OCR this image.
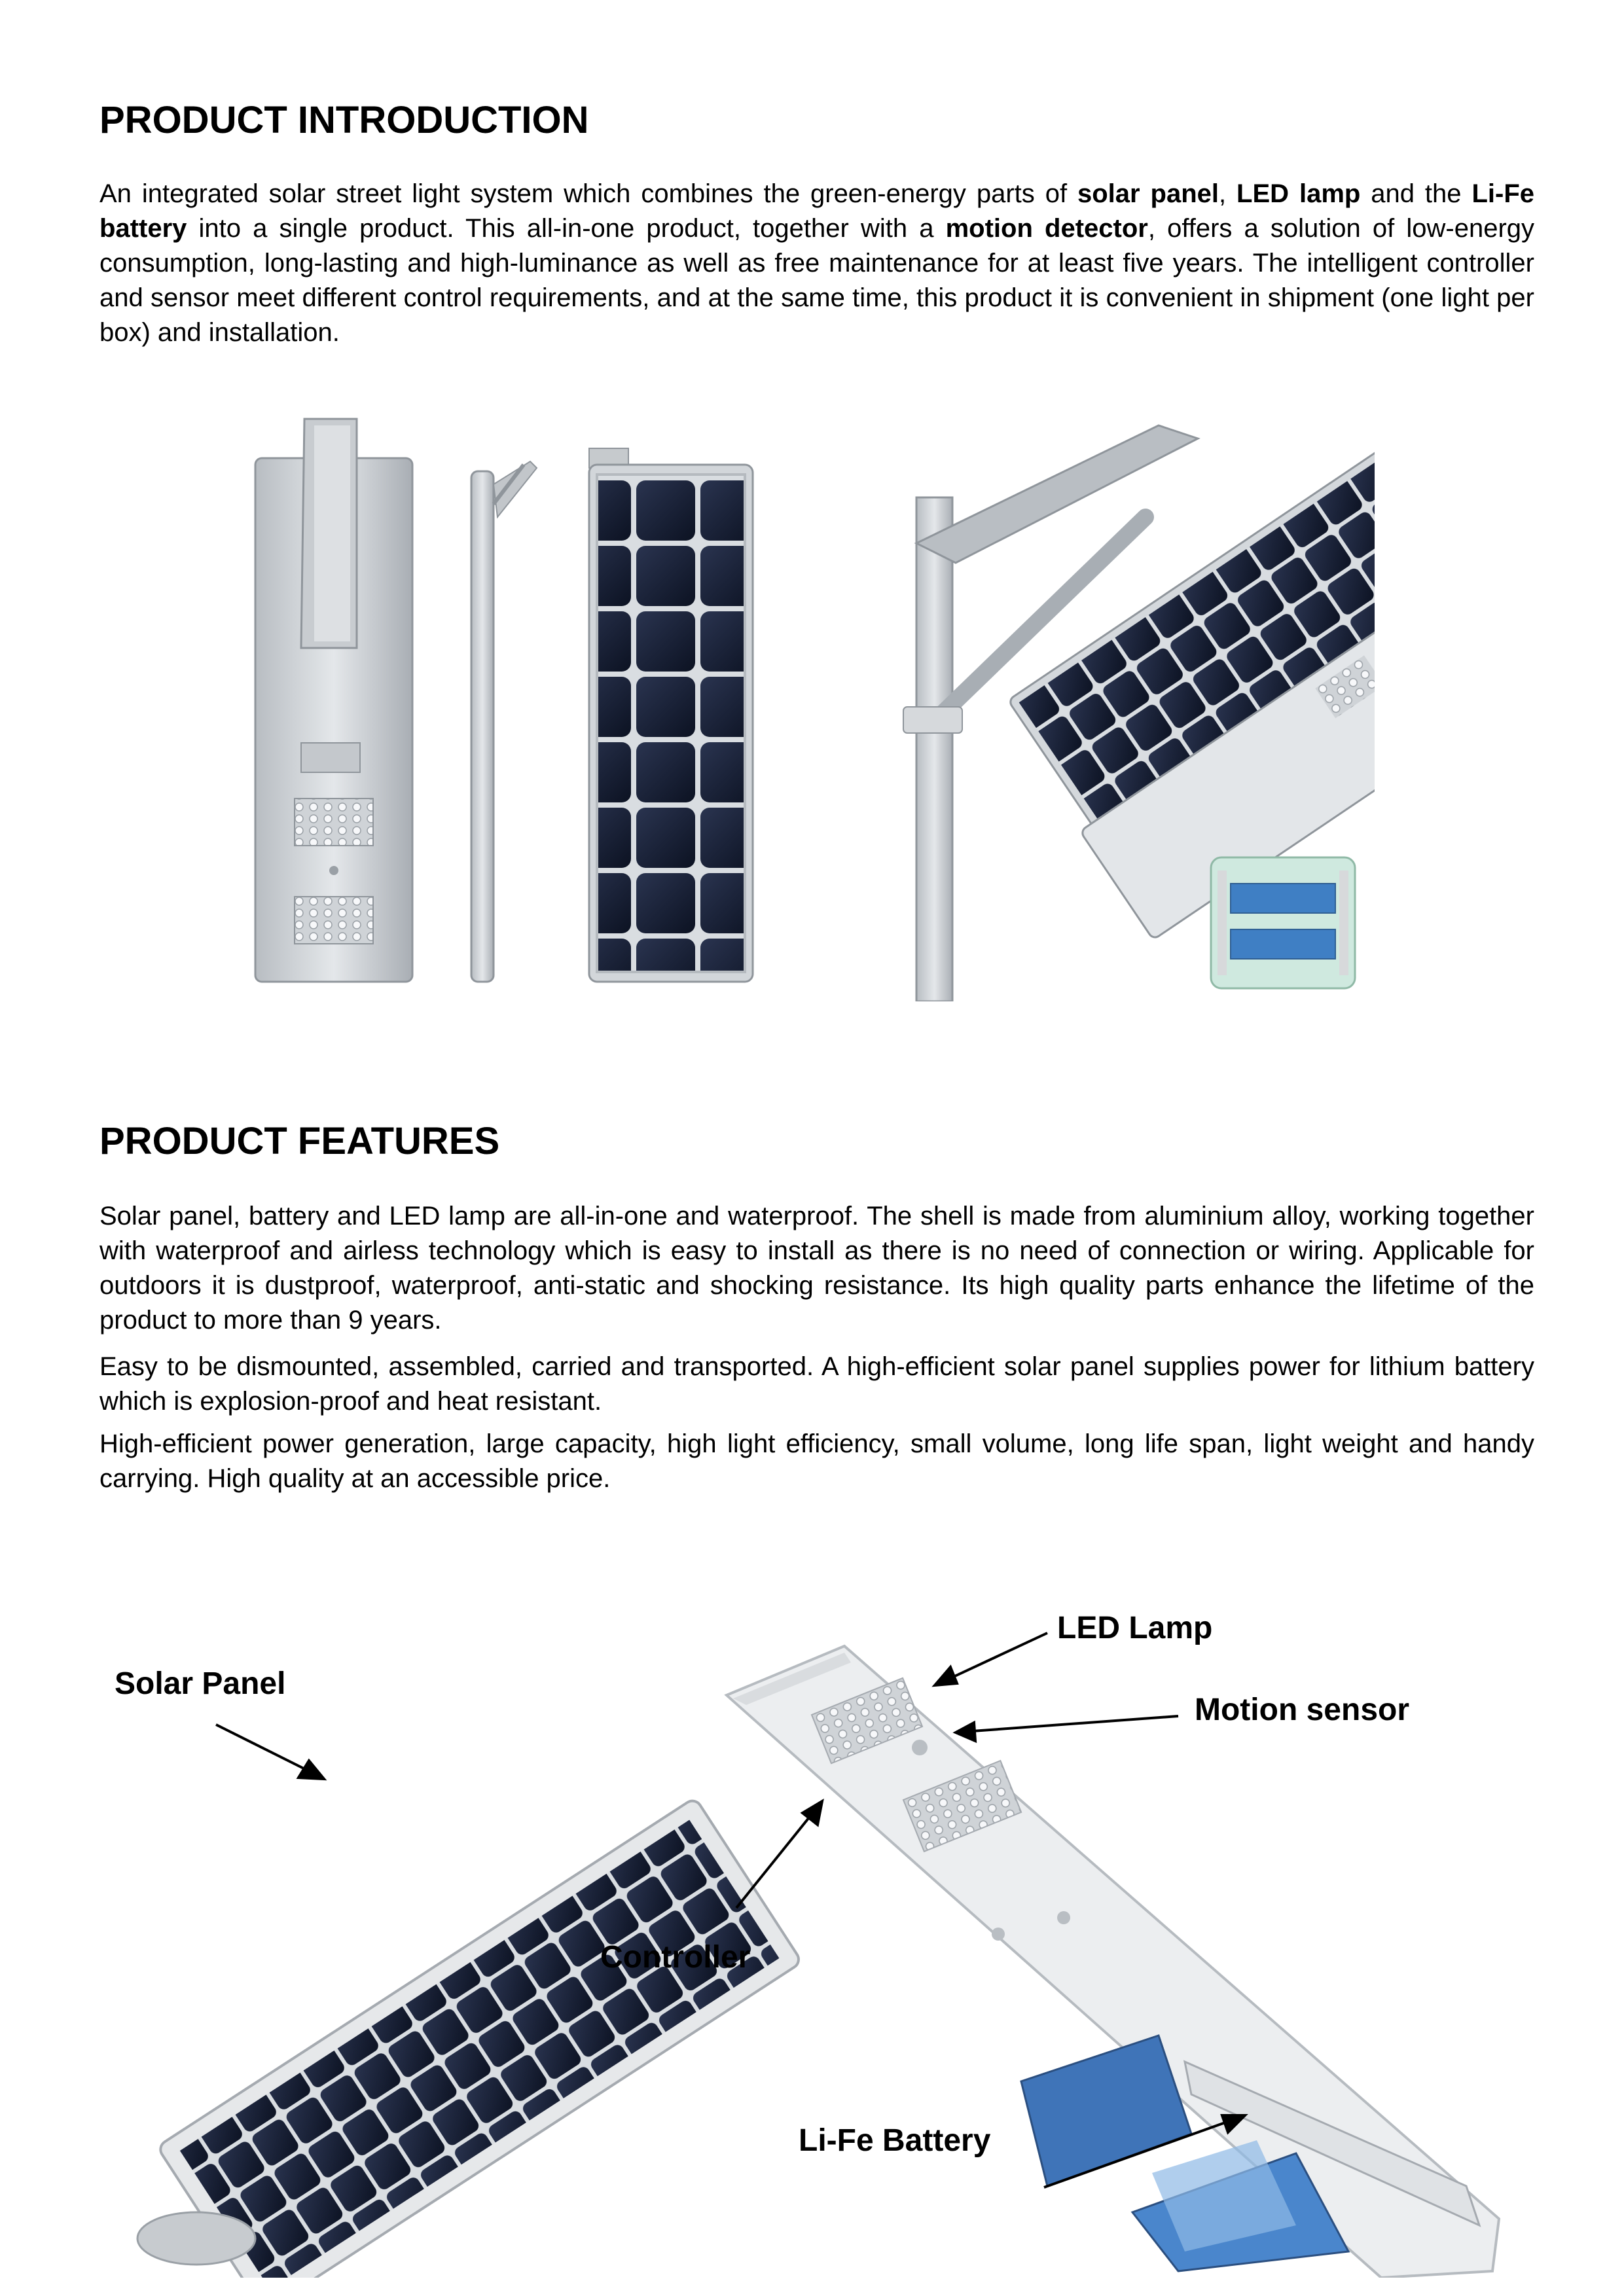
PRODUCT INTRODUCTION

An integrated solar street light system which combines the green-energy parts of solar panel, LED lamp and the Li-Fe battery into a single product. This all-in-one product, together with a motion detector, offers a solution of low-energy consumption, long-lasting and high-luminance as well as free maintenance for at least five years. The intelligent controller and sensor meet different control requirements, and at the same time, this product it is convenient in shipment (one light per box) and installation.

PRODUCT FEATURES

Solar panel, battery and LED lamp are all-in-one and waterproof. The shell is made from aluminium alloy, working together with waterproof and airless technology which is easy to install as there is no need of connection or wiring. Applicable for outdoors it is dustproof, waterproof, anti-static and shocking resistance. Its high quality parts enhance the lifetime of the product to more than 9 years.

Easy to be dismounted, assembled, carried and transported. A high-efficient solar panel supplies power for lithium battery which is explosion-proof and heat resistant.

High-efficient power generation, large capacity, high light efficiency, small volume, long life span, light weight and handy carrying. High quality at an accessible price.

Solar Panel
LED Lamp
Motion sensor
Controller
Li-Fe Battery
